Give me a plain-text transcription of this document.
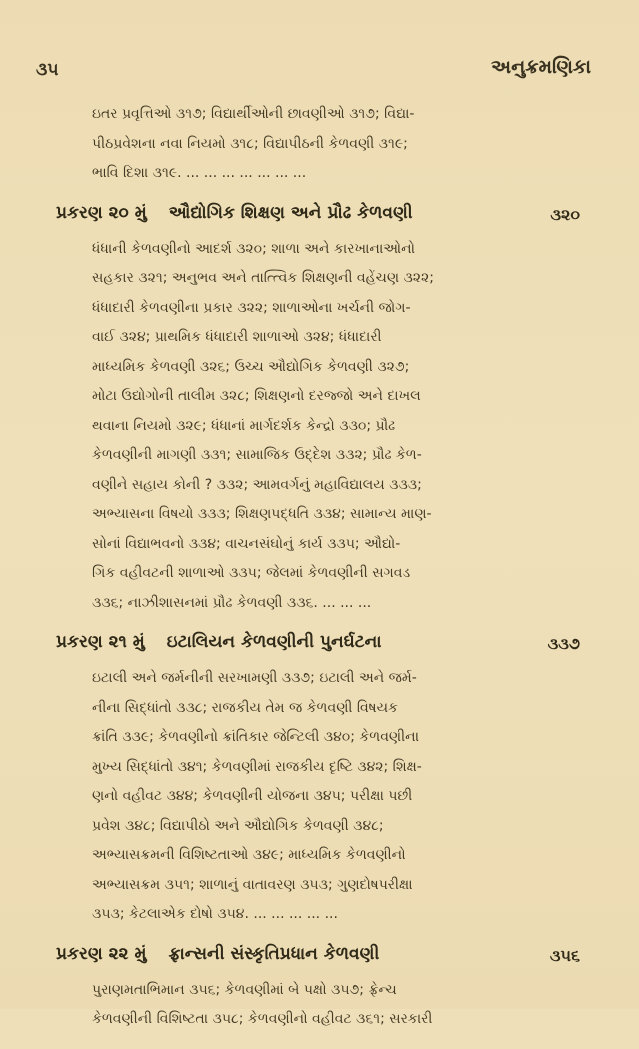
૩૫	અનુક્રમણિકા
ઇતર પ્રવૃત્તિઓ ૩૧૭; વિદ્યાર્થીઓની છાવણીઓ ૩૧૭; વિદ્યા-
પીઠપ્રવેશના નવા નિયમો ૩૧૮; વિદ્યાપીઠની કેળવણી ૩૧૯;
ભાવિ દિશા ૩૧૯. ... ... ... ... ... ... ...
પ્રકરણ ૨૦ મું ઔદ્યોગિક શિક્ષણ અને પ્રૌઢ કેળવણી	૩૨૦
ધંધાની કેળવણીનો આદર્શ ૩૨૦; શાળા અને કારખાનાઓનો
સહકાર ૩૨૧; અનુભવ અને તાત્ત્વિક શિક્ષણની વહેંચણ ૩૨૨;
ધંધાદારી કેળવણીના પ્રકાર ૩૨૨; શાળાઓના ખર્ચની જોગ-
વાઈ ૩૨૪; પ્રાથમિક ધંધાદારી શાળાઓ ૩૨૪; ધંધાદારી
માધ્યમિક કેળવણી ૩૨૬; ઉચ્ચ ઔદ્યોગિક કેળવણી ૩૨૭;
મોટા ઉદ્યોગોની તાલીમ ૩૨૮; શિક્ષણનો દરજ્જો અને દાખલ
થવાના નિયમો ૩૨૯; ધંધાનાં માર્ગદર્શક કેન્દ્રો ૩૩૦; પ્રૌઢ
કેળવણીની માગણી ૩૩૧; સામાજિક ઉદ્દેશ ૩૩૨; પ્રૌઢ કેળ-
વણીને સહાય કોની ? ૩૩૨; આમવર્ગનું મહાવિદ્યાલય ૩૩૩;
અભ્યાસના વિષયો ૩૩૩; શિક્ષણપદ્ધતિ ૩૩૪; સામાન્ય માણ-
સોનાં વિદ્યાભવનો ૩૩૪; વાચનસંઘોનું કાર્ય ૩૩૫; ઔદ્યો-
ગિક વહીવટની શાળાઓ ૩૩૫; જેલમાં કેળવણીની સગવડ
૩૩૬; નાઝીશાસનમાં પ્રૌઢ કેળવણી ૩૩૬. ... ... ...
પ્રકરણ ૨૧ મું ઇટાલિયન કેળવણીની પુનર્ઘટના	૩૩૭
ઇટાલી અને જર્મનીની સરખામણી ૩૩૭; ઇટાલી અને જર્મ-
નીના સિદ્ધાંતો ૩૩૮; રાજકીય તેમ જ કેળવણી વિષયક
ક્રાંતિ ૩૩૯; કેળવણીનો ક્રાંતિકાર જેન્ટિલી ૩૪૦; કેળવણીના
મુખ્ય સિદ્ધાંતો ૩૪૧; કેળવણીમાં રાજકીય દૃષ્ટિ ૩૪૨; શિક્ષ-
ણનો વહીવટ ૩૪૪; કેળવણીની યોજના ૩૪૫; પરીક્ષા પછી
પ્રવેશ ૩૪૮; વિદ્યાપીઠો અને ઔદ્યોગિક કેળવણી ૩૪૮;
અભ્યાસક્રમની વિશિષ્ટતાઓ ૩૪૯; માધ્યમિક કેળવણીનો
અભ્યાસક્રમ ૩૫૧; શાળાનું વાતાવરણ ૩૫૩; ગુણદોષપરીક્ષા
૩૫૩; કેટલાએક દોષો ૩૫૪. ... ... ... ... ...
પ્રકરણ ૨૨ મું ફ્રાન્સની સંસ્કૃતિપ્રધાન કેળવણી	૩૫૬
પુરાણમતાભિમાન ૩૫૬; કેળવણીમાં બે પક્ષો ૩૫૭; ફ્રેન્ચ
કેળવણીની વિશિષ્ટતા ૩૫૮; કેળવણીનો વહીવટ ૩૬૧; સરકારી
